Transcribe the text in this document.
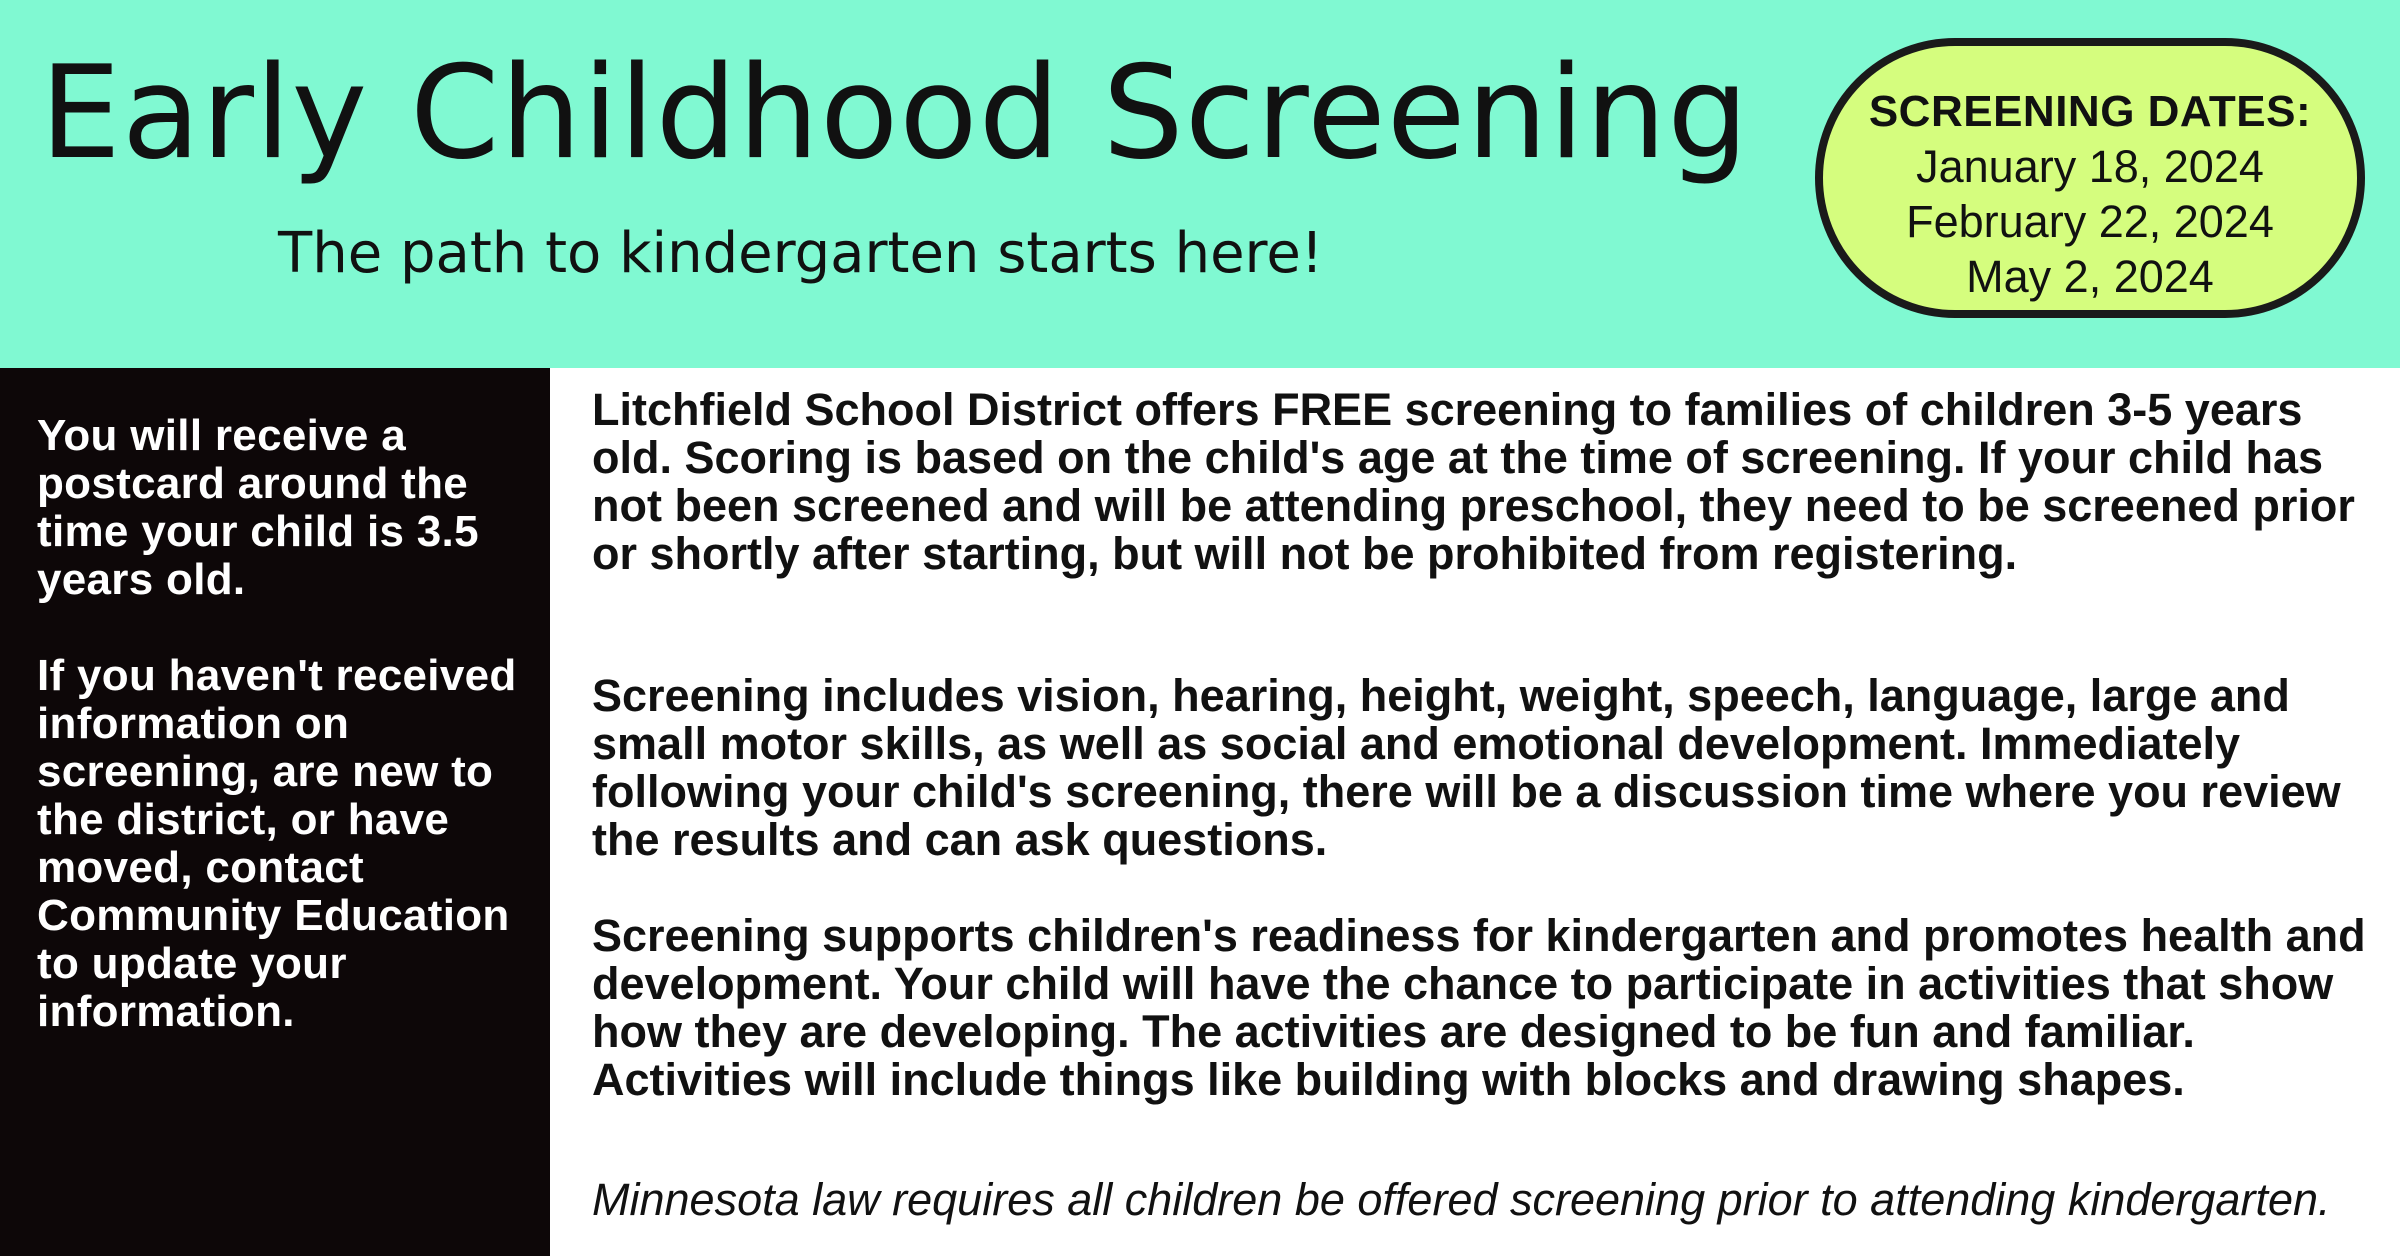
Early Childhood Screening
The path to kindergarten starts here!
SCREENING DATES:
January 18, 2024
February 22, 2024
May 2, 2024

You will receive a postcard around the time your child is 3.5 years old.

If you haven't received information on screening, are new to the district, or have moved, contact Community Education to update your information.

Litchfield School District offers FREE screening to families of children 3-5 years old. Scoring is based on the child's age at the time of screening. If your child has not been screened and will be attending preschool, they need to be screened prior or shortly after starting, but will not be prohibited from registering.

Screening includes vision, hearing, height, weight, speech, language, large and small motor skills, as well as social and emotional development. Immediately following your child's screening, there will be a discussion time where you review the results and can ask questions.

Screening supports children's readiness for kindergarten and promotes health and development. Your child will have the chance to participate in activities that show how they are developing. The activities are designed to be fun and familiar. Activities will include things like building with blocks and drawing shapes.

Minnesota law requires all children be offered screening prior to attending kindergarten.
